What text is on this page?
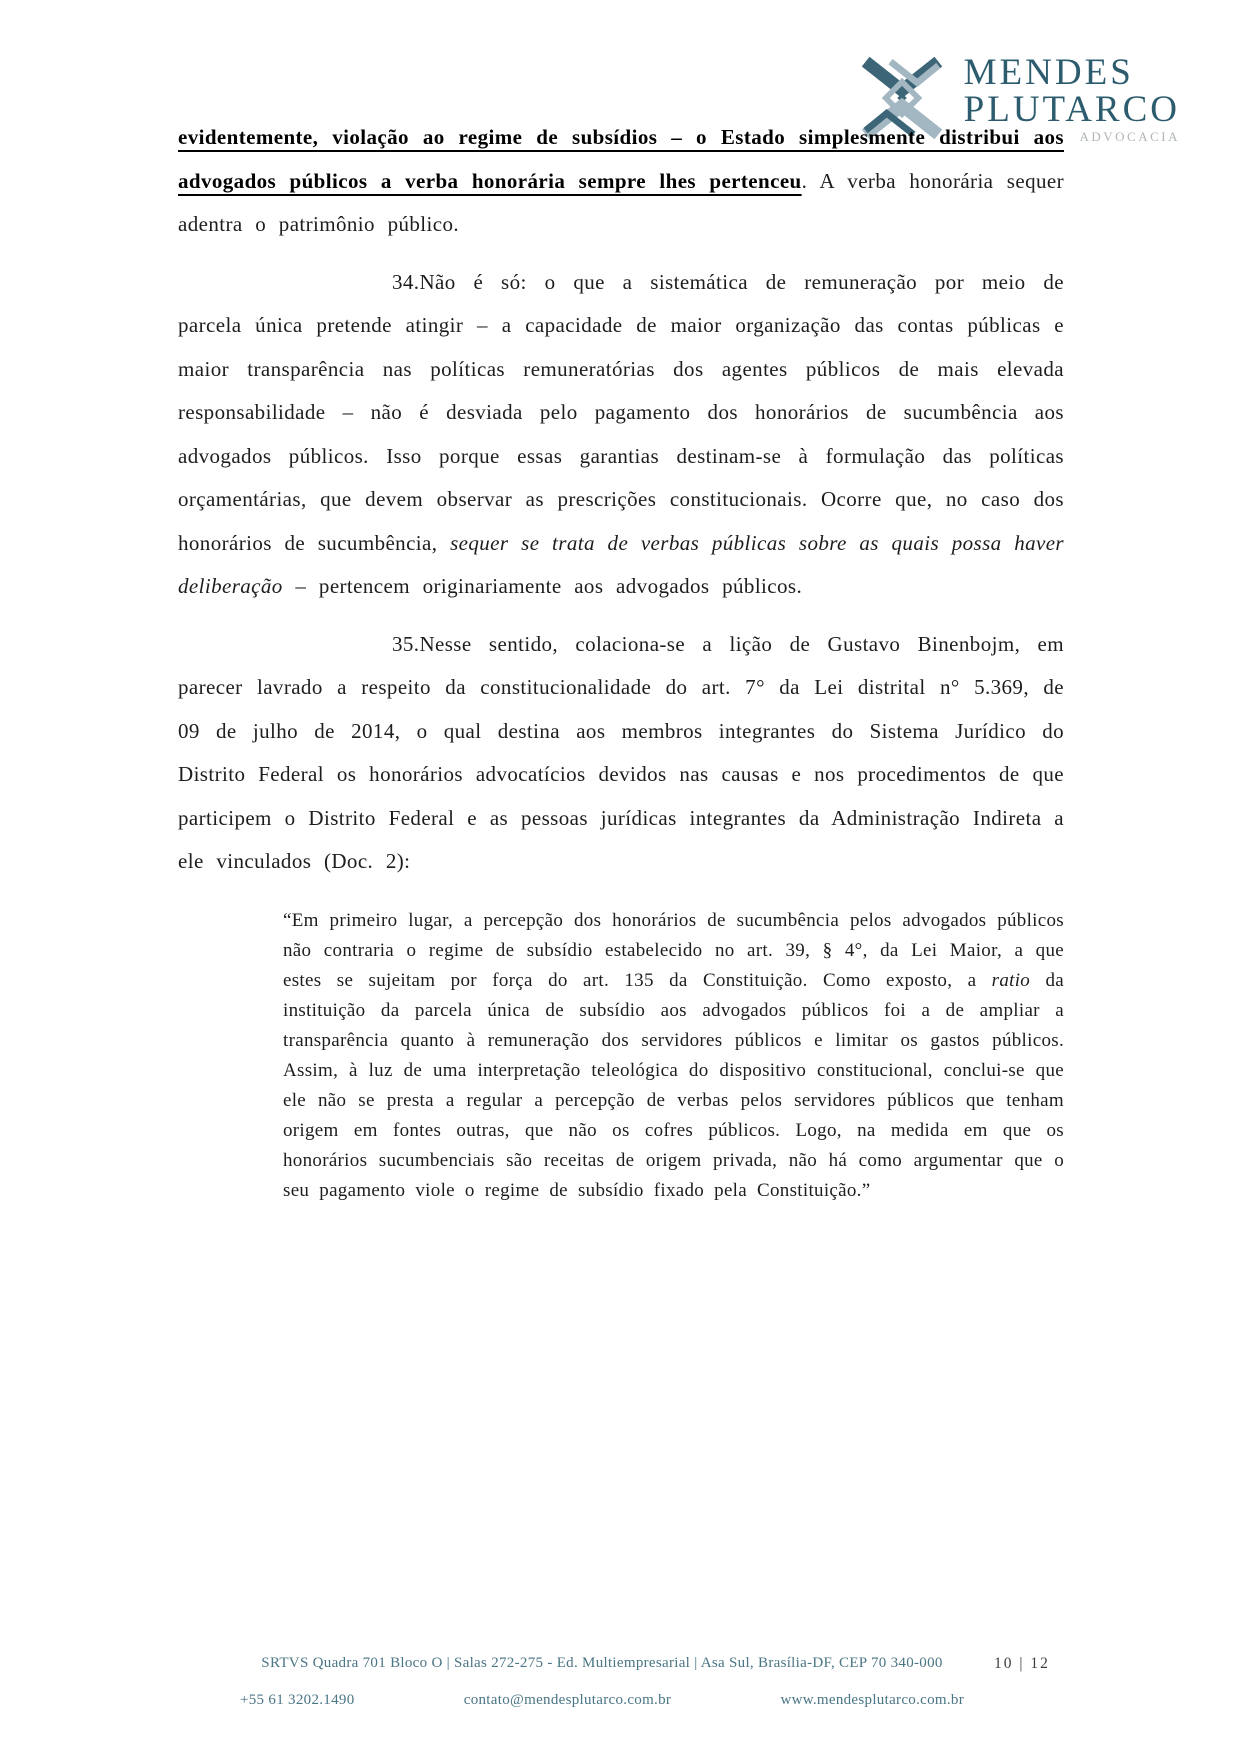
MENDES
PLUTARCO
ADVOCACIA

evidentemente, violação ao regime de subsídios – o Estado simplesmente distribui aos advogados públicos a verba honorária sempre lhes pertenceu. A verba honorária sequer adentra o patrimônio público.

34.Não é só: o que a sistemática de remuneração por meio de parcela única pretende atingir – a capacidade de maior organização das contas públicas e maior transparência nas políticas remuneratórias dos agentes públicos de mais elevada responsabilidade – não é desviada pelo pagamento dos honorários de sucumbência aos advogados públicos. Isso porque essas garantias destinam-se à formulação das políticas orçamentárias, que devem observar as prescrições constitucionais. Ocorre que, no caso dos honorários de sucumbência, sequer se trata de verbas públicas sobre as quais possa haver deliberação – pertencem originariamente aos advogados públicos.

35.Nesse sentido, colaciona-se a lição de Gustavo Binenbojm, em parecer lavrado a respeito da constitucionalidade do art. 7° da Lei distrital n° 5.369, de 09 de julho de 2014, o qual destina aos membros integrantes do Sistema Jurídico do Distrito Federal os honorários advocatícios devidos nas causas e nos procedimentos de que participem o Distrito Federal e as pessoas jurídicas integrantes da Administração Indireta a ele vinculados (Doc. 2):

“Em primeiro lugar, a percepção dos honorários de sucumbência pelos advogados públicos não contraria o regime de subsídio estabelecido no art. 39, § 4°, da Lei Maior, a que estes se sujeitam por força do art. 135 da Constituição. Como exposto, a ratio da instituição da parcela única de subsídio aos advogados públicos foi a de ampliar a transparência quanto à remuneração dos servidores públicos e limitar os gastos públicos. Assim, à luz de uma interpretação teleológica do dispositivo constitucional, conclui-se que ele não se presta a regular a percepção de verbas pelos servidores públicos que tenham origem em fontes outras, que não os cofres públicos. Logo, na medida em que os honorários sucumbenciais são receitas de origem privada, não há como argumentar que o seu pagamento viole o regime de subsídio fixado pela Constituição.”
SRTVS Quadra 701 Bloco O | Salas 272-275 - Ed. Multiempresarial | Asa Sul, Brasília-DF, CEP 70 340-000
+55 61 3202.1490	contato@mendesplutarco.com.br	www.mendesplutarco.com.br
10 | 12
